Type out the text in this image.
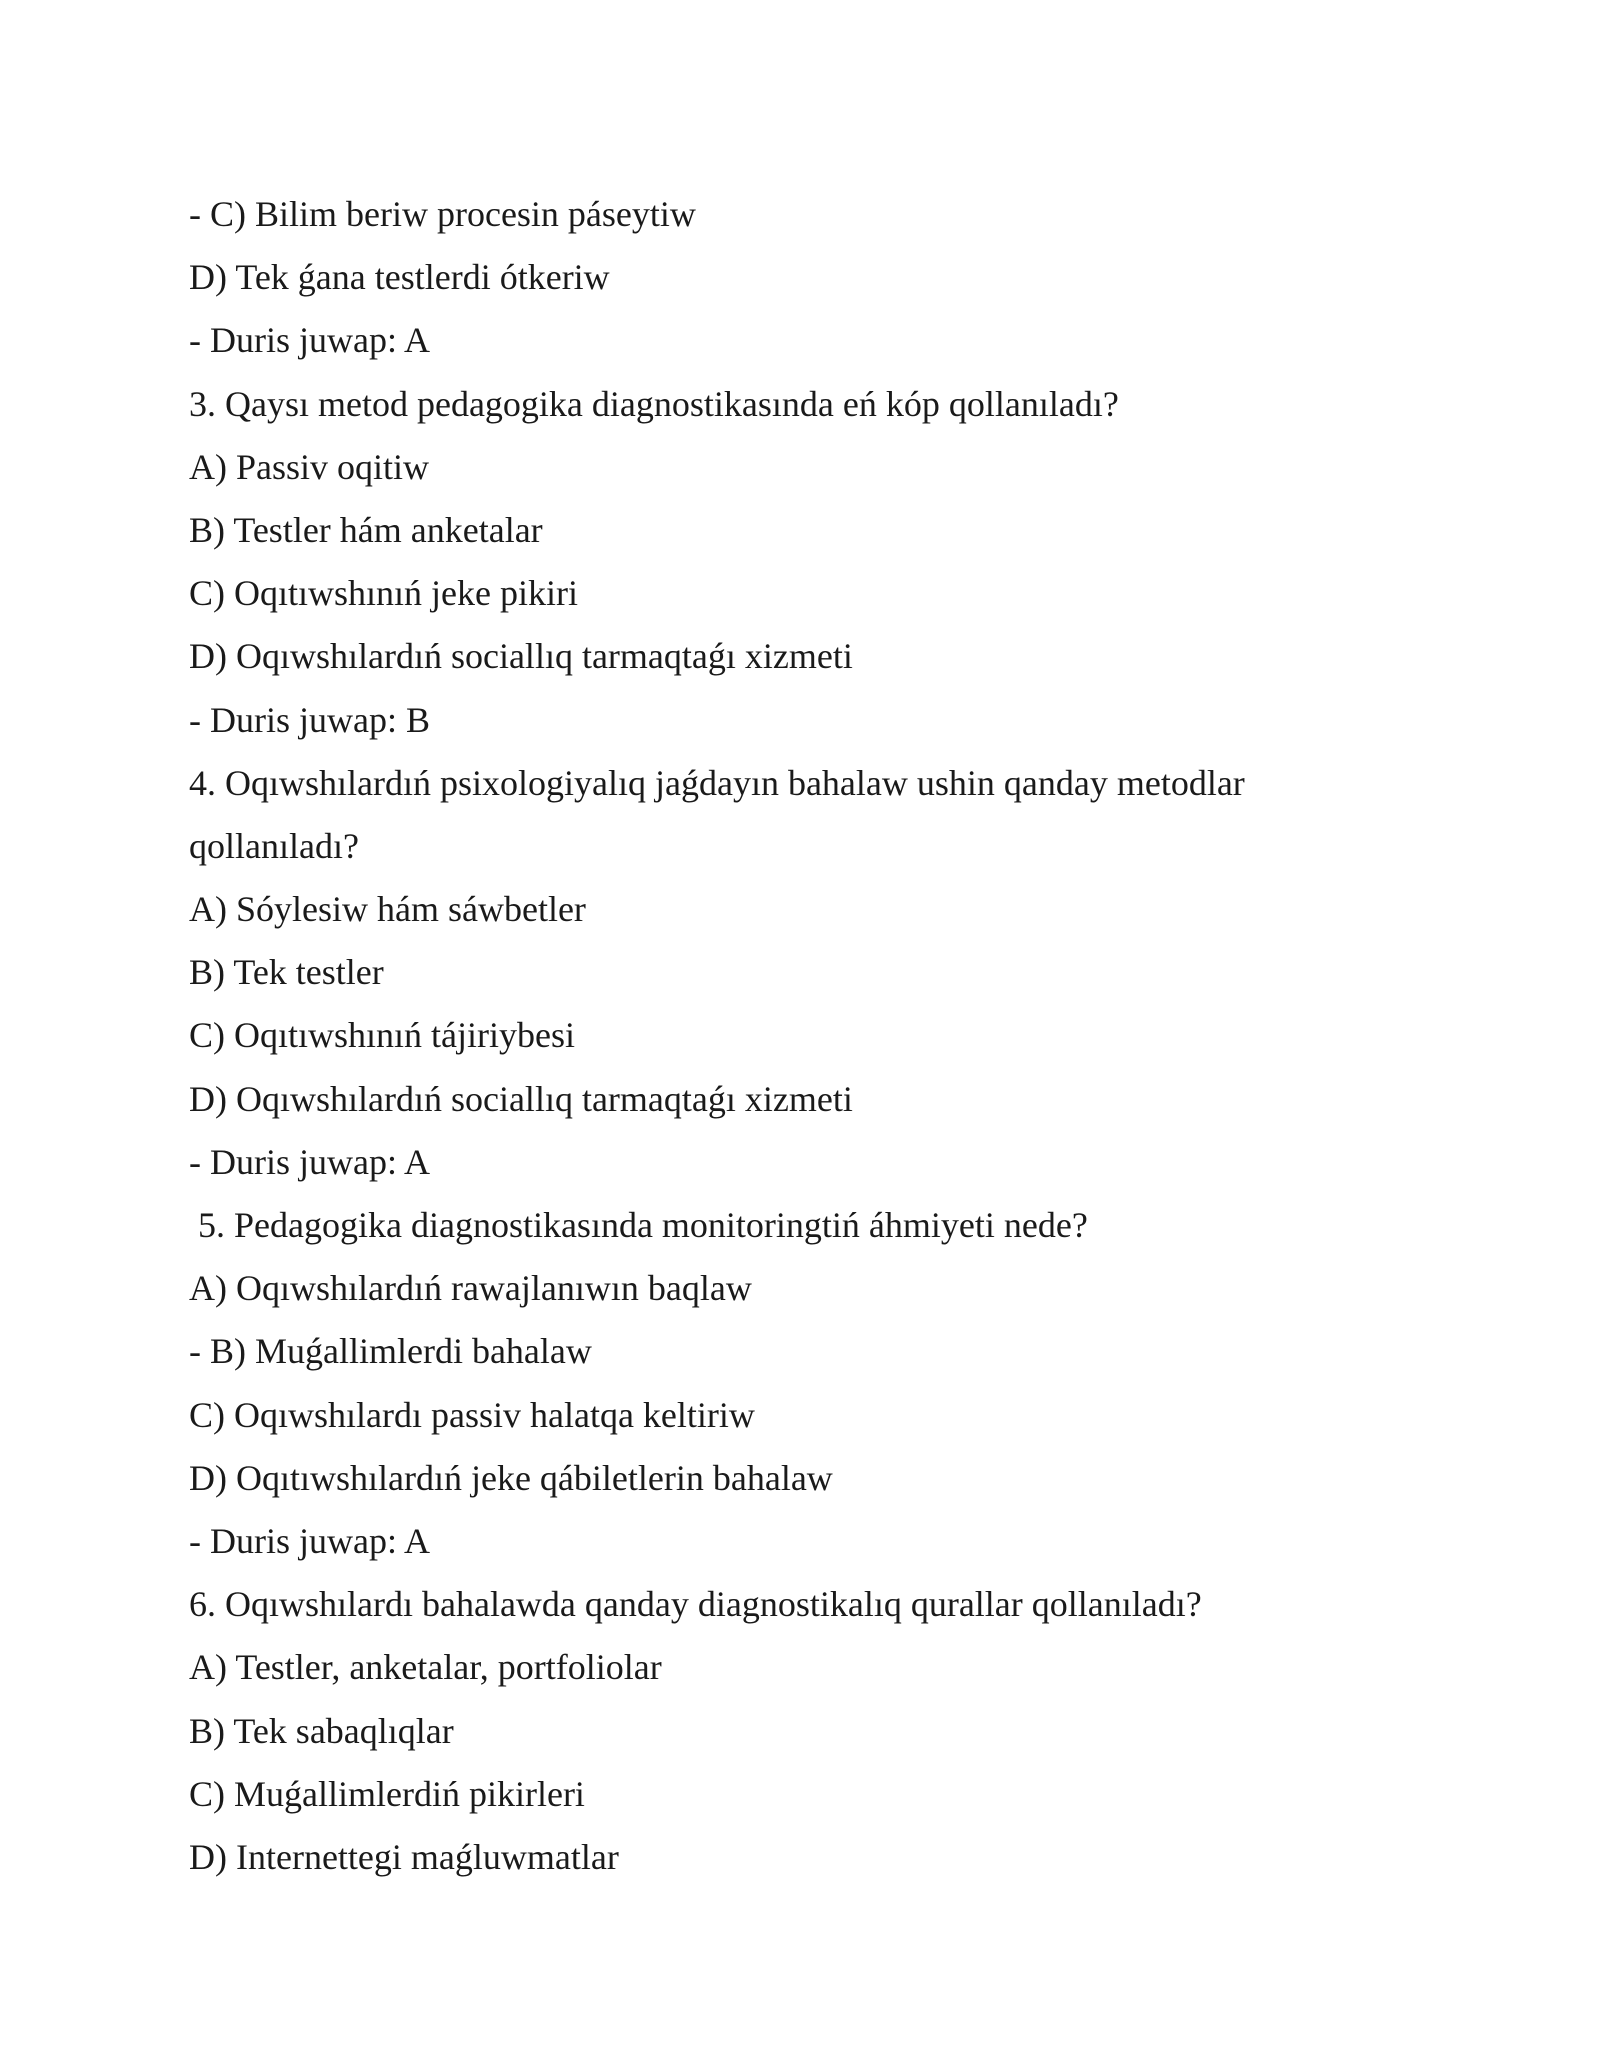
- C) Bilim beriw procesin páseytiw

D) Tek ǵana testlerdi ótkeriw

- Duris juwap: A

3. Qaysı metod pedagogika diagnostikasında eń kóp qollanıladı?

A) Passiv oqitiw

B) Testler hám anketalar

C) Oqıtıwshınıń jeke pikiri

D) Oqıwshılardıń sociallıq tarmaqtaǵı xizmeti

- Duris juwap: B

4. Oqıwshılardıń psixologiyalıq jaǵdayın bahalaw ushin qanday metodlar

qollanıladı?

A) Sóylesiw hám sáwbetler

B) Tek testler

C) Oqıtıwshınıń tájiriybesi

D) Oqıwshılardıń sociallıq tarmaqtaǵı xizmeti

- Duris juwap: A

5. Pedagogika diagnostikasında monitoringtiń áhmiyeti nede?

A) Oqıwshılardıń rawajlanıwın baqlaw

- B) Muǵallimlerdi bahalaw

C) Oqıwshılardı passiv halatqa keltiriw

D) Oqıtıwshılardıń jeke qábiletlerin bahalaw

- Duris juwap: A

6. Oqıwshılardı bahalawda qanday diagnostikalıq qurallar qollanıladı?

A) Testler, anketalar, portfoliolar

B) Tek sabaqlıqlar

C) Muǵallimlerdiń pikirleri

D) Internettegi maǵluwmatlar
